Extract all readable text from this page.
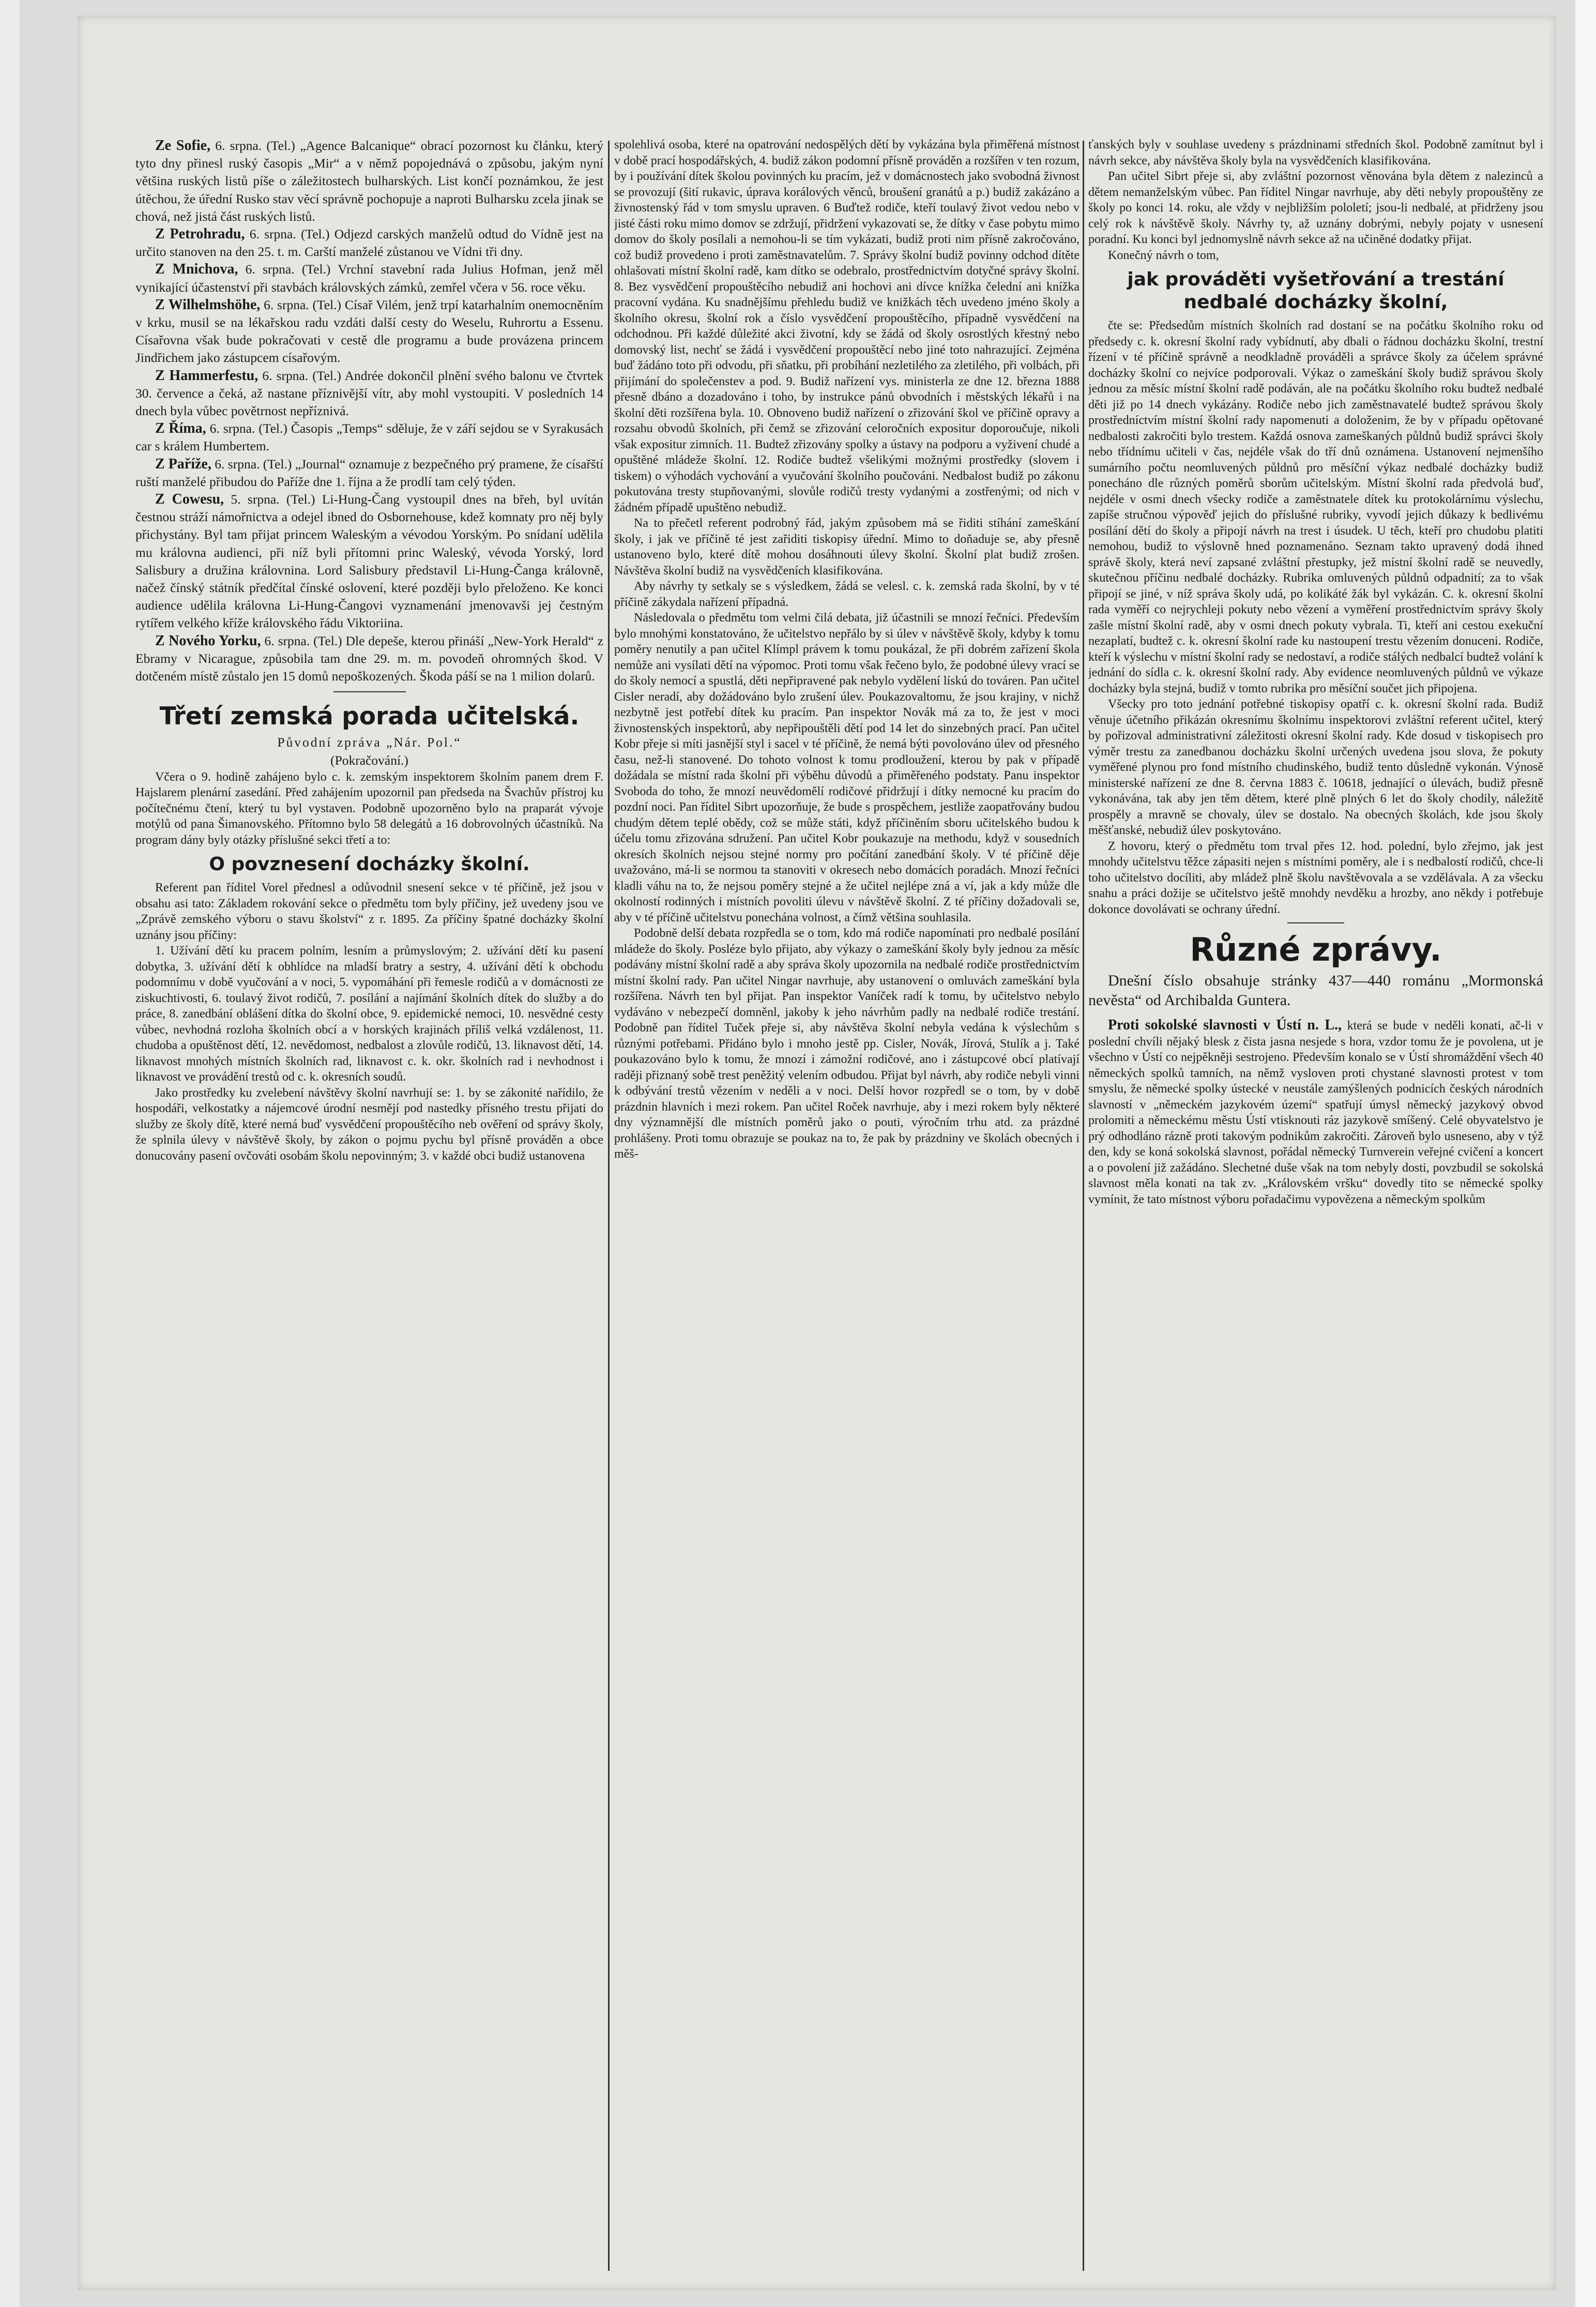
Ze Sofie, 6. srpna. (Tel.) „Agence Balcanique“ obrací pozornost ku článku, který tyto dny přinesl ruský časopis „Mir“ a v němž popojednává o způsobu, jakým nyní většina ruských listů píše o záležitostech bulharských. List končí poznámkou, že jest útěchou, že úřední Rusko stav věcí správně pochopuje a naproti Bulharsku zcela jinak se chová, než jistá část ruských listů.

Z Petrohradu, 6. srpna. (Tel.) Odjezd carských manželů odtud do Vídně jest na určito stanoven na den 25. t. m. Carští manželé zůstanou ve Vídni tři dny.

Z Mnichova, 6. srpna. (Tel.) Vrchní stavební rada Julius Hofman, jenž měl vynikající účastenství při stavbách královských zámků, zemřel včera v 56. roce věku.

Z Wilhelmshöhe, 6. srpna. (Tel.) Císař Vilém, jenž trpí katarhalním onemocněním v krku, musil se na lékařskou radu vzdáti další cesty do Weselu, Ruhrortu a Essenu. Císařovna však bude pokračovati v cestě dle programu a bude provázena princem Jindřichem jako zástupcem císařovým.

Z Hammerfestu, 6. srpna. (Tel.) Andrée dokončil plnění svého balonu ve čtvrtek 30. července a čeká, až nastane příznivější vítr, aby mohl vystoupiti. V posledních 14 dnech byla vůbec povětrnost nepříznivá.

Z Říma, 6. srpna. (Tel.) Časopis „Temps“ sděluje, že v září sejdou se v Syrakusách car s králem Humbertem.

Z Paříže, 6. srpna. (Tel.) „Journal“ oznamuje z bezpečného prý pramene, že císařští ruští manželé přibudou do Paříže dne 1. října a že prodlí tam celý týden.

Z Cowesu, 5. srpna. (Tel.) Li-Hung-Čang vystoupil dnes na břeh, byl uvítán čestnou stráží námořnictva a odejel ibned do Osbornehouse, kdež komnaty pro něj byly přichystány. Byl tam přijat princem Waleským a vévodou Yorským. Po snídaní udělila mu královna audienci, při níž byli přítomni princ Waleský, vévoda Yorský, lord Salisbury a družina královnina. Lord Salisbury představil Li-Hung-Čanga královně, načež čínský státník předčítal čínské oslovení, které později bylo přeloženo. Ke konci audience udělila královna Li-Hung-Čangovi vyznamenání jmenovavši jej čestným rytířem velkého kříže královského řádu Viktoriina.

Z Nového Yorku, 6. srpna. (Tel.) Dle depeše, kterou přináší „New-York Herald“ z Ebramy v Nicarague, způsobila tam dne 29. m. m. povodeň ohromných škod. V dotčeném místě zůstalo jen 15 domů nepoškozených. Škoda páší se na 1 milion dolarů.

Třetí zemská porada učitelská.

Původní zpráva „Nár. Pol.“

(Pokračování.)

Včera o 9. hodině zahájeno bylo c. k. zemským inspektorem školním panem drem F. Hajslarem plenární zasedání. Před zahájením upozornil pan předseda na Švachův přístroj ku počítečnému čtení, který tu byl vystaven. Podobně upozorněno bylo na praparát vývoje motýlů od pana Šimanovského. Přítomno bylo 58 delegátů a 16 dobrovolných účastníků. Na program dány byly otázky příslušné sekci třetí a to:

O povznesení docházky školní.

Referent pan říditel Vorel přednesl a odůvodnil snesení sekce v té příčině, jež jsou v obsahu asi tato: Základem rokování sekce o předmětu tom byly příčiny, jež uvedeny jsou ve „Zprávě zemského výboru o stavu školství“ z r. 1895. Za příčiny špatné docházky školní uznány jsou příčiny:

1. Užívání dětí ku pracem polním, lesním a průmyslovým; 2. užívání dětí ku pasení dobytka, 3. užívání dětí k obhlídce na mladší bratry a sestry, 4. užívání dětí k obchodu podomnímu v době vyučování a v noci, 5. vypomáhání při řemesle rodičů a v domácnosti ze ziskuchtivosti, 6. toulavý život rodičů, 7. posílání a najímání školních dítek do služby a do práce, 8. zanedbání oblášení dítka do školní obce, 9. epidemické nemoci, 10. nesvědné cesty vůbec, nevhodná rozloha školních obcí a v horských krajinách příliš velká vzdálenost, 11. chudoba a opuštěnost dětí, 12. nevědomost, nedbalost a zlovůle rodičů, 13. liknavost dětí, 14. liknavost mnohých místních školních rad, liknavost c. k. okr. školních rad i nevhodnost i liknavost ve provádění trestů od c. k. okresních soudů.

Jako prostředky ku zvelebení návštěvy školní navrhují se: 1. by se zákonité nařídilo, že hospodáři, velkostatky a nájemcové úrodní nesmějí pod nastedky přísného trestu přijati do služby ze školy dítě, které nemá buď vysvědčení propouštěcího neb ověření od správy školy, že splnila úlevy v návštěvě školy, by zákon o pojmu pychu byl přísně prováděn a obce donucovány pasení ovčováti osobám školu nepovinným; 3. v každé obci budiž ustanovena

spolehlivá osoba, které na opatrování nedospělých dětí by vykázána byla přiměřená místnost v době prací hospodářských, 4. budiž zákon podomní přísně prováděn a rozšířen v ten rozum, by i používání dítek školou povinných ku pracím, jež v domácnostech jako svobodná živnost se provozují (šití rukavic, úprava korálových věnců, broušení granátů a p.) budiž zakázáno a živnostenský řád v tom smyslu upraven. 6 Buďtež rodiče, kteří toulavý život vedou nebo v jisté části roku mimo domov se zdržují, přidržení vykazovati se, že dítky v čase pobytu mimo domov do školy posílali a nemohou-li se tím vykázati, budiž proti nim přísně zakročováno, což budiž provedeno i proti zaměstnavatelům. 7. Správy školní budiž povinny odchod dítěte ohlašovati místní školní radě, kam dítko se odebralo, prostřednictvím dotyčné správy školní. 8. Bez vysvědčení propouštěcího nebudiž ani hochovi ani dívce knížka čelední ani knížka pracovní vydána. Ku snadnějšímu přehledu budiž ve knižkách těch uvedeno jméno školy a školního okresu, školní rok a číslo vysvědčení propouštěcího, případně vysvědčení na odchodnou. Při každé důležité akci životní, kdy se žádá od školy osrostlých křestný nebo domovský list, nechť se žádá i vysvědčení propouštěcí nebo jiné toto nahrazující. Zejména buď žádáno toto při odvodu, při sňatku, při probíhání nezletilého za zletilého, při volbách, při přijímání do společenstev a pod. 9. Budiž nařízení vys. ministerla ze dne 12. března 1888 přesně dbáno a dozadováno i toho, by instrukce pánů obvodních i městských lékařů i na školní děti rozšířena byla. 10. Obnoveno budiž nařízení o zřizování škol ve příčině opravy a rozsahu obvodů školních, při čemž se zřizování celoročních expositur doporoučuje, nikoli však expositur zimních. 11. Budtež zřizovány spolky a ústavy na podporu a vyživení chudé a opuštěné mládeže školní. 12. Rodiče budtež všelikými možnými prostředky (slovem i tiskem) o výhodách vychování a vyučování školního poučováni. Nedbalost budiž po zákonu pokutována tresty stupňovanými, slovůle rodičů tresty vydanými a zostřenými; od nich v žádném případě upuštěno nebudiž.

Na to přečetl referent podrobný řád, jakým způsobem má se řiditi stíhání zameškání školy, i jak ve příčině té jest zařiditi tiskopisy úřední. Mimo to doňaduje se, aby přesně ustanoveno bylo, které dítě mohou dosáhnouti úlevy školní. Školní plat budiž zrošen. Návštěva školní budiž na vysvědčeních klasifikována.

Aby návrhy ty setkaly se s výsledkem, žádá se velesl. c. k. zemská rada školní, by v té příčině zákydala nařízení případná.

Následovala o předmětu tom velmi čilá debata, již účastnili se mnozí řečníci. Především bylo mnohými konstatováno, že učitelstvo nepřálo by si úlev v návštěvě školy, kdyby k tomu poměry nenutily a pan učitel Klímpl právem k tomu poukázal, že při dobrém zařízení škola nemůže ani vysílati dětí na výpomoc. Proti tomu však řečeno bylo, že podobné úlevy vrací se do školy nemocí a spustlá, děti nepřipravené pak nebylo vydělení lískú do továren. Pan učitel Cisler neradí, aby dožádováno bylo zrušení úlev. Poukazovaltomu, že jsou krajiny, v nichž nezbytně jest potřebí dítek ku pracím. Pan inspektor Novák má za to, že jest v moci živnostenských inspektorů, aby nepřipouštěli dětí pod 14 let do sinzebných prací. Pan učitel Kobr přeje si míti jasnější styl i sacel v té příčině, že nemá býti povolováno úlev od přesného času, než-li stanovené. Do tohoto volnost k tomu prodloužení, kterou by pak v případě dožádala se místní rada školní při výběhu důvodů a přiměřeného podstaty. Panu inspektor Svoboda do toho, že mnozí neuvědomělí rodičové přidržují i dítky nemocné ku pracím do pozdní noci. Pan říditel Sibrt upozorňuje, že bude s prospěchem, jestliže zaopatřovány budou chudým dětem teplé obědy, což se může státi, když příčiněním sboru učitelského budou k účelu tomu zřizována sdružení. Pan učitel Kobr poukazuje na methodu, když v sousedních okresích školních nejsou stejné normy pro počítání zanedbání školy. V té příčině děje uvažováno, má-li se normou ta stanoviti v okresech nebo domácích poradách. Mnozí řečníci kladli váhu na to, že nejsou poměry stejné a že učitel nejlépe zná a ví, jak a kdy může dle okolností rodinných i místních povoliti úlevu v návštěvě školní. Z té příčiny dožadovali se, aby v té příčině učitelstvu ponechána volnost, a čímž většina souhlasila.

Podobně delší debata rozpředla se o tom, kdo má rodiče napomínati pro nedbalé posílání mládeže do školy. Posléze bylo přijato, aby výkazy o zameškání školy byly jednou za měsíc podávány místní školní radě a aby správa školy upozornila na nedbalé rodiče prostřednictvím místní školní rady. Pan učitel Ningar navrhuje, aby ustanovení o omluvách zameškání byla rozšířena. Návrh ten byl přijat. Pan inspektor Vaníček radí k tomu, by učitelstvo nebylo vydáváno v nebezpečí domněnl, jakoby k jeho návrhům padly na nedbalé rodiče trestání. Podobně pan říditel Tuček přeje si, aby návštěva školní nebyla vedána k výslechům s různými potřebami. Přidáno bylo i mnoho jestě pp. Cisler, Novák, Jírová, Stulík a j. Také poukazováno bylo k tomu, že mnozí i zámožní rodičové, ano i zástupcové obcí platívají raději přiznaný sobě trest peněžitý velením odbudou. Přijat byl návrh, aby rodiče nebyli vinni k odbývání trestů vězením v neděli a v noci. Delší hovor rozpředl se o tom, by v době prázdnin hlavních i mezi rokem. Pan učitel Roček navrhuje, aby i mezi rokem byly některé dny významnější dle místních poměrů jako o pouti, výročním trhu atd. za prázdné prohlášeny. Proti tomu obrazuje se poukaz na to, že pak by prázdniny ve školách obecných i měš-

ťanských byly v souhlase uvedeny s prázdninami středních škol. Podobně zamítnut byl i návrh sekce, aby návštěva školy byla na vysvědčeních klasifikována.

Pan učitel Sibrt přeje si, aby zvláštní pozornost věnována byla dětem z nalezinců a dětem nemanželským vůbec. Pan říditel Ningar navrhuje, aby děti nebyly propouštěny ze školy po konci 14. roku, ale vždy v nejbližším pololetí; jsou-li nedbalé, at přidrženy jsou celý rok k návštěvě školy. Návrhy ty, až uznány dobrými, nebyly pojaty v usnesení poradní. Ku konci byl jednomyslně návrh sekce až na učiněné dodatky přijat.

Konečný návrh o tom,

jak prováděti vyšetřování a trestání nedbalé docházky školní,

čte se: Předsedům místních školních rad dostaní se na počátku školního roku od předsedy c. k. okresní školní rady vybídnutí, aby dbali o řádnou docházku školní, trestní řízení v té příčině správně a neodkladně prováděli a správce školy za účelem správné docházky školní co nejvíce podporovali. Výkaz o zameškání školy budiž správou školy jednou za měsíc místní školní radě podáván, ale na počátku školního roku budtež nedbalé děti již po 14 dnech vykázány. Rodiče nebo jich zaměstnavatelé budtež správou školy prostředníctvím místní školní rady napomenuti a doloženim, že by v případu opětované nedbalosti zakročiti bylo trestem. Každá osnova zameškaných půldnů budiž správci školy nebo třídnímu učiteli v čas, nejdéle však do tří dnů oznámena. Ustanovení nejmenšího sumárního počtu neomluvených půldnů pro měsíční výkaz nedbalé docházky budiž ponecháno dle různých poměrů sborům učitelským. Místní školní rada předvolá buď, nejdéle v osmi dnech všecky rodiče a zaměstnatele dítek ku protokolárnímu výslechu, zapíše stručnou výpověď jejich do příslušné rubriky, vyvodí jejich důkazy k bedlivému posílání dětí do školy a připojí návrh na trest i úsudek. U těch, kteří pro chudobu platiti nemohou, budiž to výslovně hned poznamenáno. Seznam takto upravený dodá ihned správě školy, která neví zapsané zvláštní přestupky, jež místní školní radě se neuvedly, skutečnou příčinu nedbalé docházky. Rubrika omluvených půldnů odpadnití; za to však připojí se jiné, v níž správa školy udá, po kolikáté žák byl vykázán. C. k. okresní školní rada vyměří co nejrychleji pokuty nebo vězení a vyměření prostřednictvím správy školy zašle místní školní radě, aby v osmi dnech pokuty vybrala. Ti, kteří ani cestou exekuční nezaplatí, budtež c. k. okresní školní rade ku nastoupení trestu vězením donuceni. Rodiče, kteří k výslechu v místní školní rady se nedostaví, a rodiče stálých nedbalcí budtež volání k jednání do sídla c. k. okresní školní rady. Aby evidence neomluvených půldnů ve výkaze docházky byla stejná, budiž v tomto rubrika pro měsíční součet jich připojena.

Všecky pro toto jednání potřebné tiskopisy opatří c. k. okresní školní rada. Budiž věnuje účetního přikázán okresnímu školnímu inspektorovi zvláštní referent učitel, který by pořizoval administrativní záležitosti okresní školní rady. Kde dosud v tiskopisech pro výměr trestu za zanedbanou docházku školní určených uvedena jsou slova, že pokuty vyměřené plynou pro fond místního chudinského, budiž tento důsledně vykonán. Výnosě ministerské nařízení ze dne 8. června 1883 č. 10618, jednající o úlevách, budiž přesně vykonávána, tak aby jen těm dětem, které plně plných 6 let do školy chodily, náležitě prospěly a mravně se chovaly, úlev se dostalo. Na obecných školách, kde jsou školy měšťanské, nebudiž úlev poskytováno.

Z hovoru, který o předmětu tom trval přes 12. hod. polední, bylo zřejmo, jak jest mnohdy učitelstvu těžce zápasiti nejen s místními poměry, ale i s nedbalostí rodičů, chce-li toho učitelstvo docíliti, aby mládež plně školu navštěvovala a se vzdělávala. A za všecku snahu a práci dožije se učitelstvo ještě mnohdy nevděku a hrozby, ano někdy i potřebuje dokonce dovolávati se ochrany úřední.

Různé zprávy.

Dnešní číslo obsahuje stránky 437—440 románu „Mormonská nevěsta“ od Archibalda Guntera.

Proti sokolské slavnosti v Ústí n. L., která se bude v neděli konati, ač-li v poslední chvíli nějaký blesk z čista jasna nesjede s hora, vzdor tomu že je povolena, ut je všechno v Ústí co nejpěkněji sestrojeno. Především konalo se v Ústí shromáždění všech 40 německých spolků tamních, na němž vysloven proti chystané slavnosti protest v tom smyslu, že německé spolky ústecké v neustále zamýšlených podnicích českých národních slavností v „německém jazykovém území“ spatřují úmysl německý jazykový obvod prolomiti a německému městu Ústí vtisknouti ráz jazykově smíšený. Celé obyvatelstvo je prý odhodláno rázně proti takovým podnikům zakročiti. Zároveň bylo usneseno, aby v týž den, kdy se koná sokolská slavnost, pořádal německý Turnverein veřejné cvičení a koncert a o povolení již zažádáno. Slechetné duše však na tom nebyly dosti, povzbudil se sokolská slavnost měla konati na tak zv. „Královském vršku“ dovedly tito se německé spolky vymínit, že tato místnost výboru pořadačimu vypovězena a německým spolkům
